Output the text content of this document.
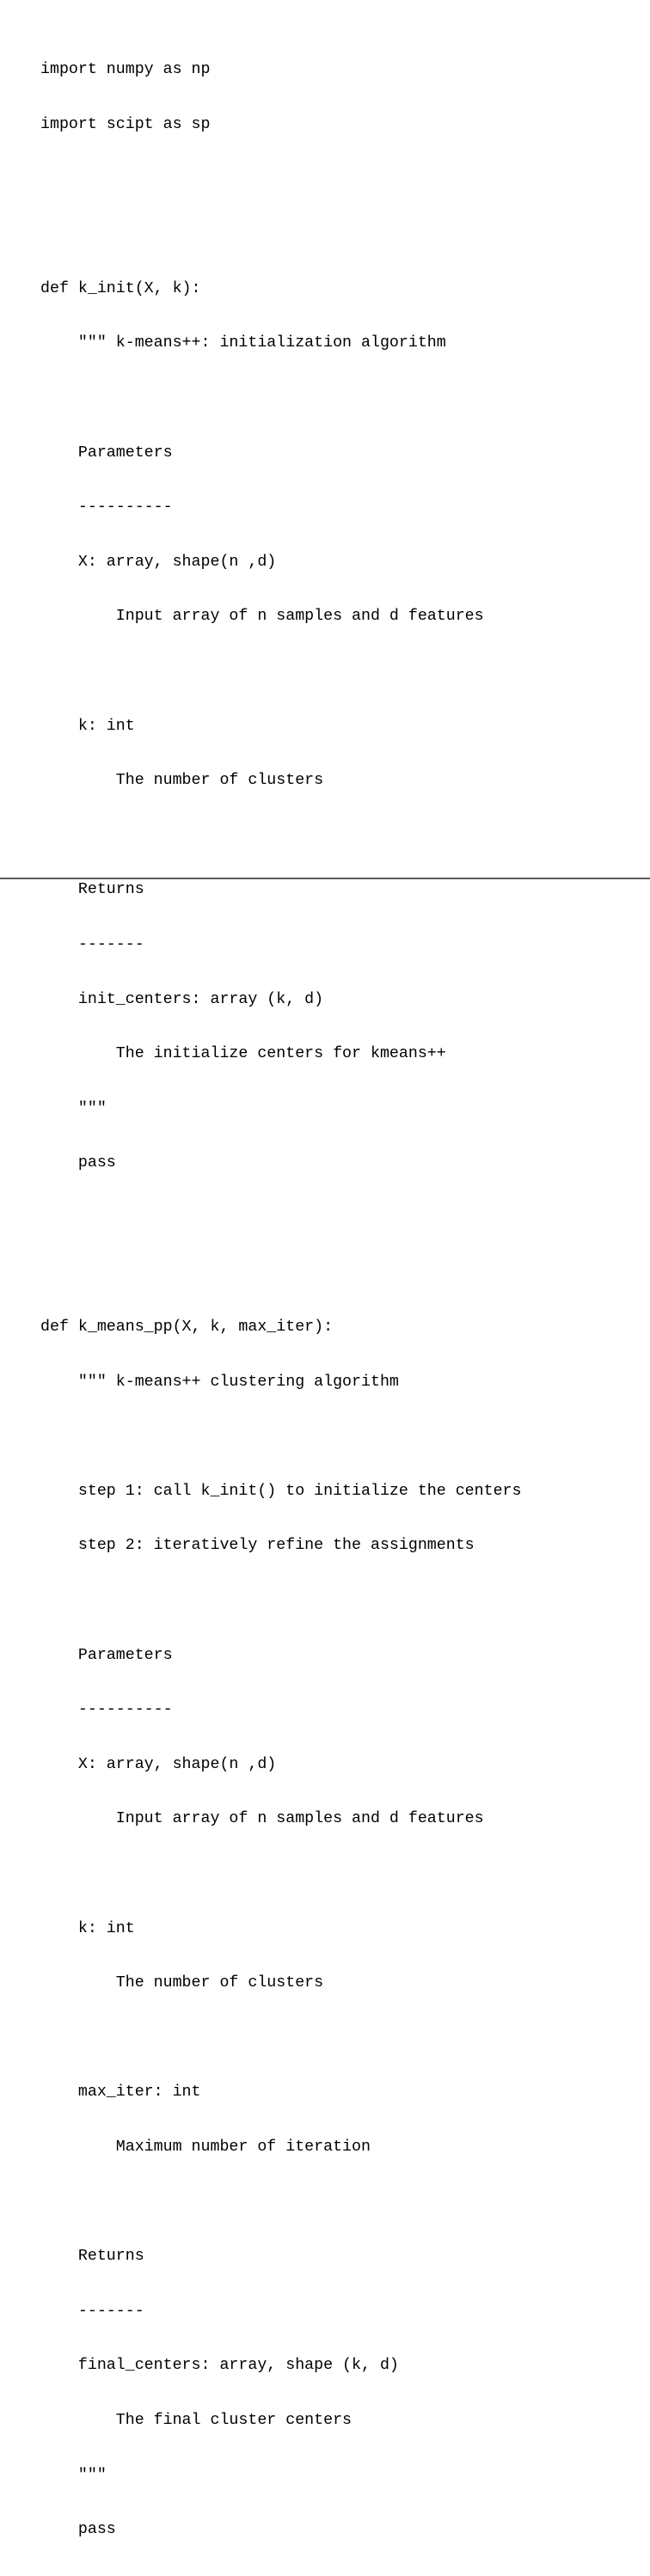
import numpy as np

import scipt as sp

def k_init(X, k):

""" k-means++: initialization algorithm

Parameters

----------

X: array, shape(n ,d)

Input array of n samples and d features

k: int

The number of clusters

Returns

-------

init_centers: array (k, d)

The initialize centers for kmeans++

"""

pass

def k_means_pp(X, k, max_iter):

""" k-means++ clustering algorithm

step 1: call k_init() to initialize the centers

step 2: iteratively refine the assignments

Parameters

----------

X: array, shape(n ,d)

Input array of n samples and d features

k: int

The number of clusters

max_iter: int

Maximum number of iteration

Returns

-------

final_centers: array, shape (k, d)

The final cluster centers

"""

pass
